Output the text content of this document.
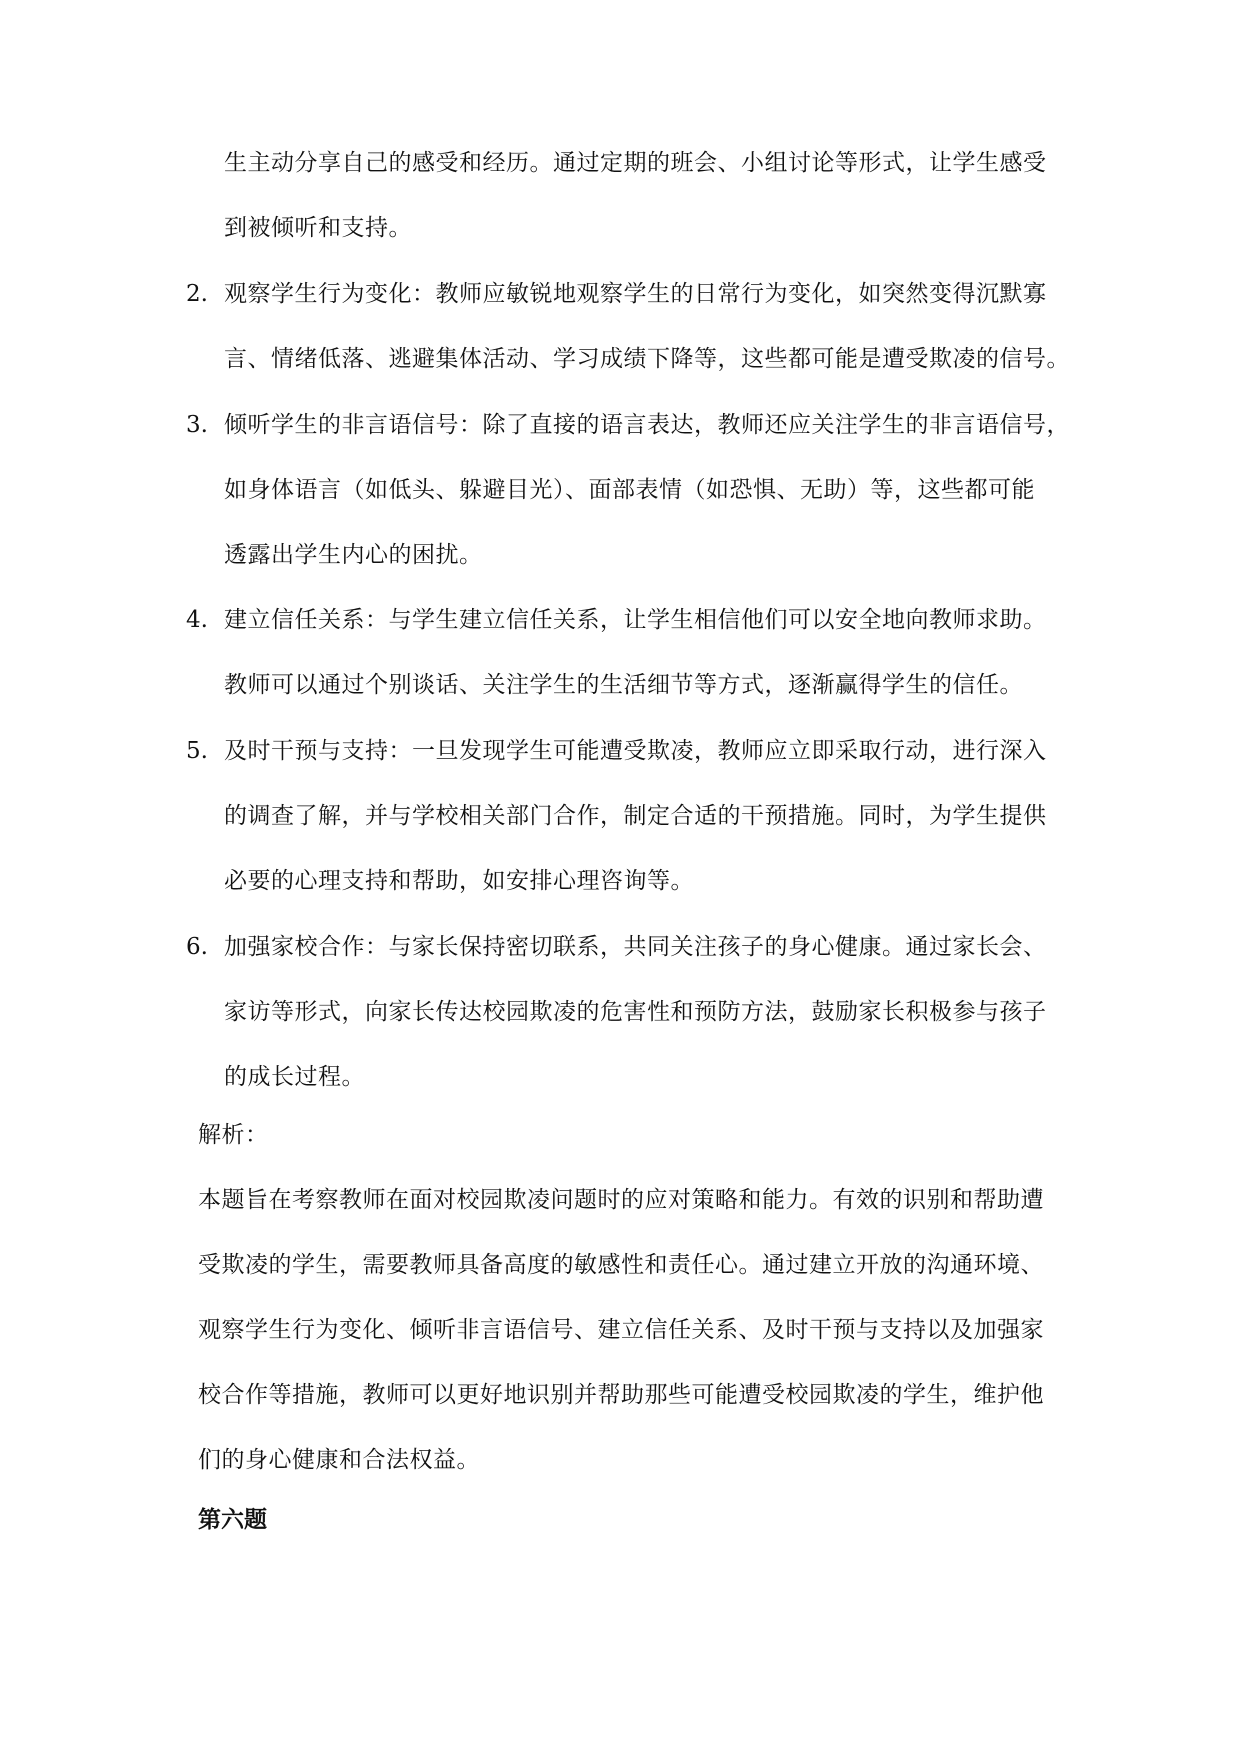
生主动分享自己的感受和经历。通过定期的班会、小组讨论等形式，让学生感受
到被倾听和支持。
2. 观察学生行为变化：教师应敏锐地观察学生的日常行为变化，如突然变得沉默寡
言、情绪低落、逃避集体活动、学习成绩下降等，这些都可能是遭受欺凌的信号。
3. 倾听学生的非言语信号：除了直接的语言表达，教师还应关注学生的非言语信号，
如身体语言（如低头、躲避目光）、面部表情（如恐惧、无助）等，这些都可能
透露出学生内心的困扰。
4. 建立信任关系：与学生建立信任关系，让学生相信他们可以安全地向教师求助。
教师可以通过个别谈话、关注学生的生活细节等方式，逐渐赢得学生的信任。
5. 及时干预与支持：一旦发现学生可能遭受欺凌，教师应立即采取行动，进行深入
的调查了解，并与学校相关部门合作，制定合适的干预措施。同时，为学生提供
必要的心理支持和帮助，如安排心理咨询等。
6. 加强家校合作：与家长保持密切联系，共同关注孩子的身心健康。通过家长会、
家访等形式，向家长传达校园欺凌的危害性和预防方法，鼓励家长积极参与孩子
的成长过程。
解析：
本题旨在考察教师在面对校园欺凌问题时的应对策略和能力。有效的识别和帮助遭
受欺凌的学生，需要教师具备高度的敏感性和责任心。通过建立开放的沟通环境、
观察学生行为变化、倾听非言语信号、建立信任关系、及时干预与支持以及加强家
校合作等措施，教师可以更好地识别并帮助那些可能遭受校园欺凌的学生，维护他
们的身心健康和合法权益。
第六题
